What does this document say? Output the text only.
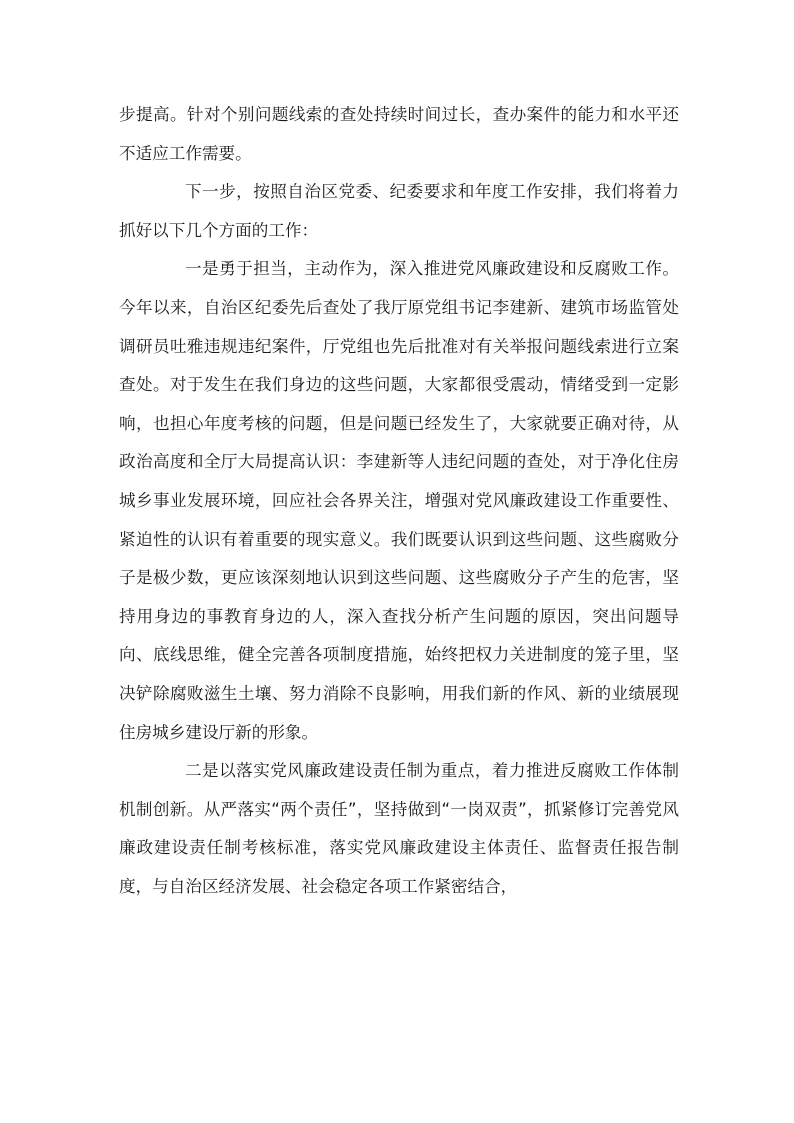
步提高。针对个别问题线索的查处持续时间过长，查办案件的能力和水平还不适应工作需要。

下一步，按照自治区党委、纪委要求和年度工作安排，我们将着力抓好以下几个方面的工作：

一是勇于担当，主动作为，深入推进党风廉政建设和反腐败工作。今年以来，自治区纪委先后查处了我厅原党组书记李建新、建筑市场监管处调研员吐雅违规违纪案件，厅党组也先后批准对有关举报问题线索进行立案查处。对于发生在我们身边的这些问题，大家都很受震动，情绪受到一定影响，也担心年度考核的问题，但是问题已经发生了，大家就要正确对待，从政治高度和全厅大局提高认识：李建新等人违纪问题的查处，对于净化住房城乡事业发展环境，回应社会各界关注，增强对党风廉政建设工作重要性、紧迫性的认识有着重要的现实意义。我们既要认识到这些问题、这些腐败分子是极少数，更应该深刻地认识到这些问题、这些腐败分子产生的危害，坚持用身边的事教育身边的人，深入查找分析产生问题的原因，突出问题导向、底线思维，健全完善各项制度措施，始终把权力关进制度的笼子里，坚决铲除腐败滋生土壤、努力消除不良影响，用我们新的作风、新的业绩展现住房城乡建设厅新的形象。

二是以落实党风廉政建设责任制为重点，着力推进反腐败工作体制机制创新。从严落实“两个责任”，坚持做到“一岗双责”，抓紧修订完善党风廉政建设责任制考核标准，落实党风廉政建设主体责任、监督责任报告制度，与自治区经济发展、社会稳定各项工作紧密结合，
